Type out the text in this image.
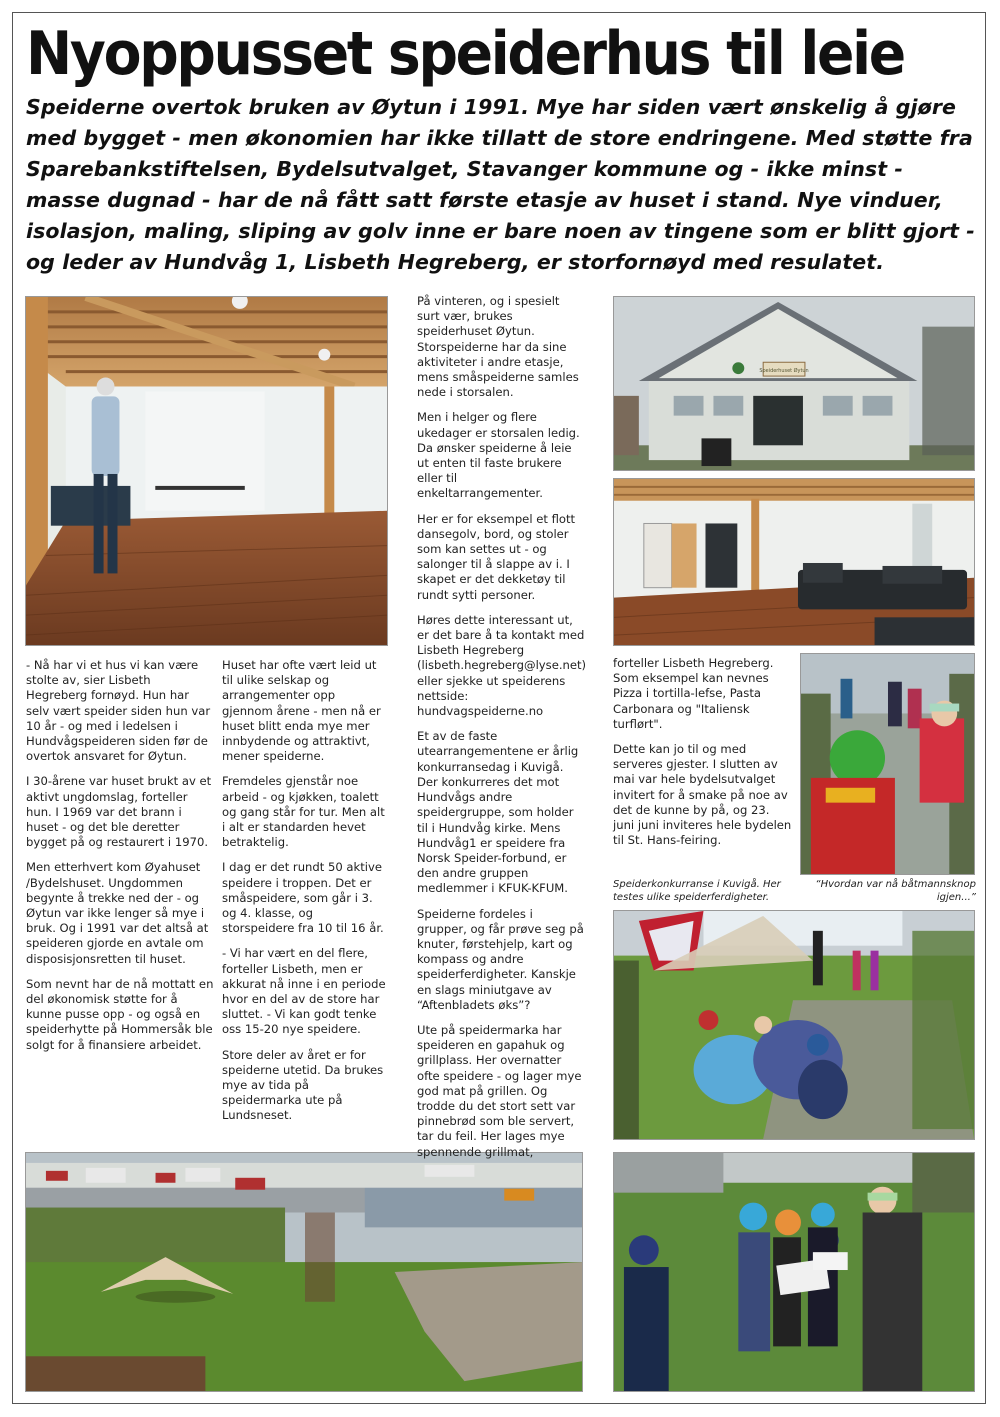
Nyoppusset speiderhus til leie
Speiderne overtok bruken av Øytun i 1991. Mye har siden vært ønskelig å gjøre med bygget - men økonomien har ikke tillatt de store endringene. Med støtte fra Sparebankstiftelsen, Bydelsutvalget, Stavanger kommune og - ikke minst - masse dugnad - har de nå fått satt første etasje av huset i stand. Nye vinduer, isolasjon, maling, sliping av golv inne er bare noen av tingene som er blitt gjort - og leder av Hundvåg 1, Lisbeth Hegreberg, er storfornøyd med resulatet.
Speiderhuset Øytun

- Nå har vi et hus vi kan være stolte av, sier Lisbeth Hegreberg fornøyd. Hun har selv vært speider siden hun var 10 år - og med i ledelsen i Hundvågspeideren siden før de overtok ansvaret for Øytun.

I 30-årene var huset brukt av et aktivt ungdomslag, forteller hun. I 1969 var det brann i huset - og det ble deretter bygget på og restaurert i 1970.

Men etterhvert kom Øyahuset /Bydelshuset. Ungdommen begynte å trekke ned der - og Øytun var ikke lenger så mye i bruk. Og i 1991 var det altså at speideren gjorde en avtale om disposisjonsretten til huset.

Som nevnt har de nå mottatt en del økonomisk støtte for å kunne pusse opp - og også en speiderhytte på Hommersåk ble solgt for å finansiere arbeidet.

Huset har ofte vært leid ut til ulike selskap og arrangementer opp gjennom årene - men nå er huset blitt enda mye mer innbydende og attraktivt, mener speiderne.

Fremdeles gjenstår noe arbeid - og kjøkken, toalett og gang står for tur. Men alt i alt er standarden hevet betraktelig.

I dag er det rundt 50 aktive speidere i troppen. Det er småspeidere, som går i 3. og 4. klasse, og storspeidere fra 10 til 16 år.

- Vi har vært en del flere, forteller Lisbeth, men er akkurat nå inne i en periode hvor en del av de store har sluttet. - Vi kan godt tenke oss 15-20 nye speidere.

Store deler av året er for speiderne utetid. Da brukes mye av tida på speidermarka ute på Lundsneset.

På vinteren, og i spesielt surt vær, brukes speiderhuset Øytun. Storspeiderne har da sine aktiviteter i andre etasje, mens småspeiderne samles nede i storsalen.

Men i helger og flere ukedager er storsalen ledig. Da ønsker speiderne å leie ut enten til faste brukere eller til enkeltarrangementer.

Her er for eksempel et flott dansegolv, bord, og stoler som kan settes ut - og salonger til å slappe av i. I skapet er det dekketøy til rundt sytti personer.

Høres dette interessant ut, er det bare å ta kontakt med Lisbeth Hegreberg (lisbeth.hegreberg@lyse.net) eller sjekke ut speiderens nettside: hundvagspeiderne.no

Et av de faste utearrangementene er årlig konkurransedag i Kuvigå. Der konkurreres det mot Hundvågs andre speidergruppe, som holder til i Hundvåg kirke. Mens Hundvåg1 er speidere fra Norsk Speider-forbund, er den andre gruppen medlemmer i KFUK-KFUM.

Speiderne fordeles i grupper, og får prøve seg på knuter, førstehjelp, kart og kompass og andre speiderferdigheter. Kanskje en slags miniutgave av “Aftenbladets øks”?

Ute på speidermarka har speideren en gapahuk og grillplass. Her overnatter ofte speidere - og lager mye god mat på grillen. Og trodde du det stort sett var pinnebrød som ble servert, tar du feil. Her lages mye spennende grillmat,

forteller Lisbeth Hegreberg. Som eksempel kan nevnes Pizza i tortilla-lefse, Pasta Carbonara og "Italiensk turflørt".

Dette kan jo til og med serveres gjester. I slutten av mai var hele bydelsutvalget invitert for å smake på noe av det de kunne by på, og 23. juni juni inviteres hele bydelen til St. Hans-feiring.

Speiderkonkurranse i Kuvigå. Her testes ulike speiderferdigheter.
“Hvordan var nå båtmannsknop igjen...”
